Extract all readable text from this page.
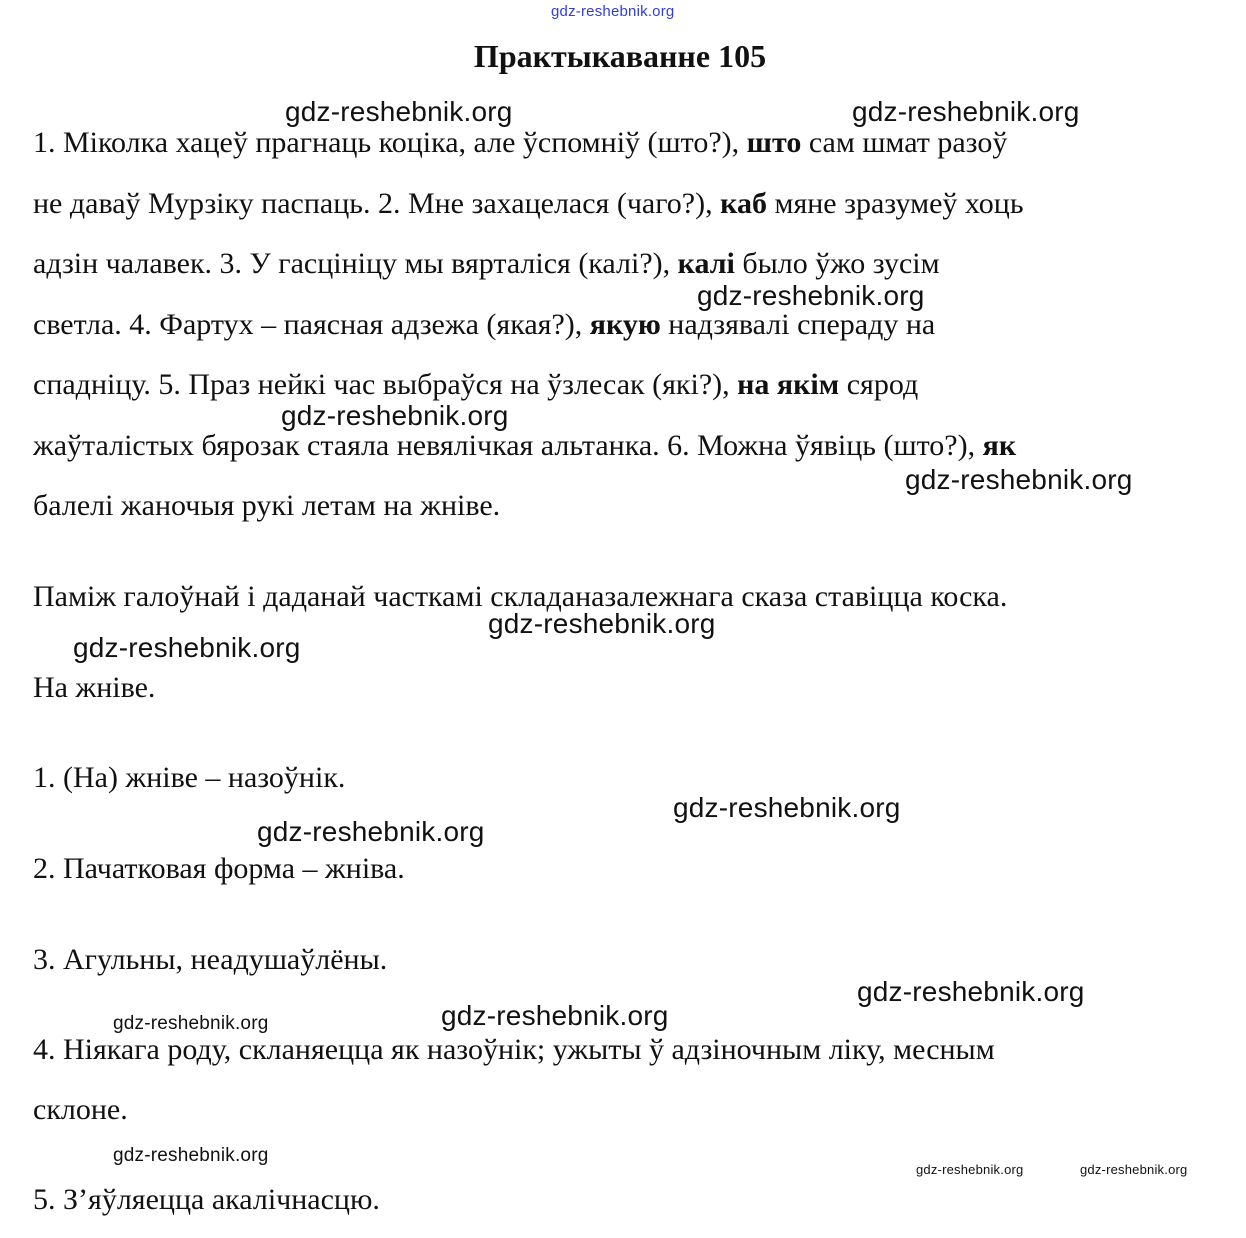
gdz-reshebnik.org
Практыкаванне 105
1. Міколка хацеў прагнаць коціка, але ўспомніў (што?), што сам шмат разоў
не даваў Мурзіку паспаць. 2. Мне захацелася (чаго?), каб мяне зразумеў хоць
адзін чалавек. 3. У гасцініцу мы вярталіся (калі?), калі было ўжо зусім
светла. 4. Фартух – паясная адзежа (якая?), якую надзявалі спераду на
спадніцу. 5. Праз нейкі час выбраўся на ўзлесак (які?), на якім сярод
жаўталістых бярозак стаяла невялічкая альтанка. 6. Можна ўявіць (што?), як
балелі жаночыя рукі летам на жніве.
Паміж галоўнай і даданай часткамі складаназалежнага сказа ставіцца коска.
На жніве.
1. (На) жніве – назоўнік.
2. Пачатковая форма – жніва.
3. Агульны, неадушаўлёны.
4. Ніякага роду, скланяецца як назоўнік; ужыты ў адзіночным ліку, месным
склоне.
5. З’яўляецца акалічнасцю.
gdz-reshebnik.org	gdz-reshebnik.org
gdz-reshebnik.org
gdz-reshebnik.org
gdz-reshebnik.org
gdz-reshebnik.org
gdz-reshebnik.org
gdz-reshebnik.org
gdz-reshebnik.org
gdz-reshebnik.org
gdz-reshebnik.org
gdz-reshebnik.org
gdz-reshebnik.org
gdz-reshebnik.org	gdz-reshebnik.org
